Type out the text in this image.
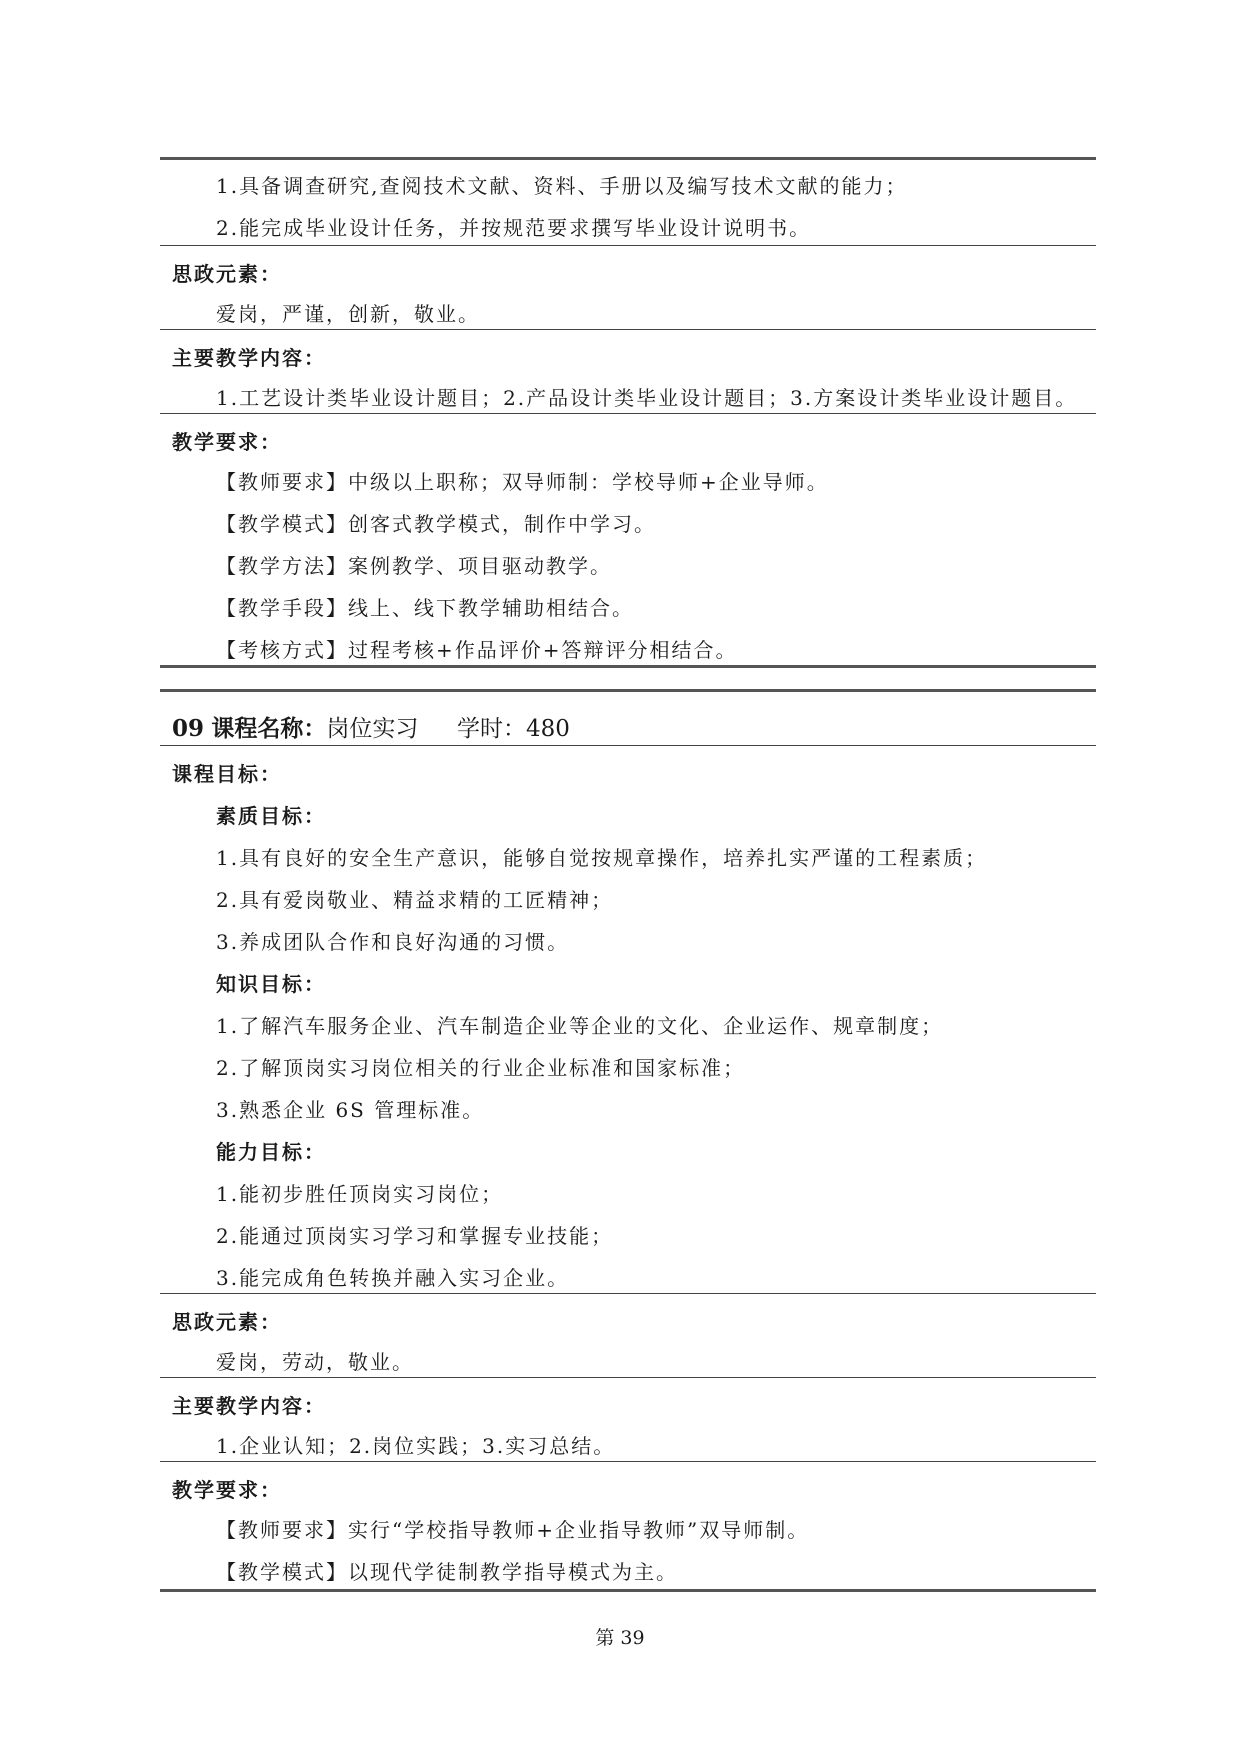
1.具备调查研究,查阅技术文献、资料、手册以及编写技术文献的能力；
2.能完成毕业设计任务，并按规范要求撰写毕业设计说明书。
思政元素：
爱岗，严谨，创新，敬业。
主要教学内容：
1.工艺设计类毕业设计题目；2.产品设计类毕业设计题目；3.方案设计类毕业设计题目。
教学要求：
【教师要求】中级以上职称；双导师制：学校导师+企业导师。
【教学模式】创客式教学模式，制作中学习。
【教学方法】案例教学、项目驱动教学。
【教学手段】线上、线下教学辅助相结合。
【考核方式】过程考核+作品评价+答辩评分相结合。
09 课程名称：岗位实习 学时：480
课程目标：
素质目标：
1.具有良好的安全生产意识，能够自觉按规章操作，培养扎实严谨的工程素质；
2.具有爱岗敬业、精益求精的工匠精神；
3.养成团队合作和良好沟通的习惯。
知识目标：
1.了解汽车服务企业、汽车制造企业等企业的文化、企业运作、规章制度；
2.了解顶岗实习岗位相关的行业企业标准和国家标准；
3.熟悉企业 6S 管理标准。
能力目标：
1.能初步胜任顶岗实习岗位；
2.能通过顶岗实习学习和掌握专业技能；
3.能完成角色转换并融入实习企业。
思政元素：
爱岗，劳动，敬业。
主要教学内容：
1.企业认知；2.岗位实践；3.实习总结。
教学要求：
【教师要求】实行“学校指导教师+企业指导教师”双导师制。
【教学模式】以现代学徒制教学指导模式为主。
第 39
